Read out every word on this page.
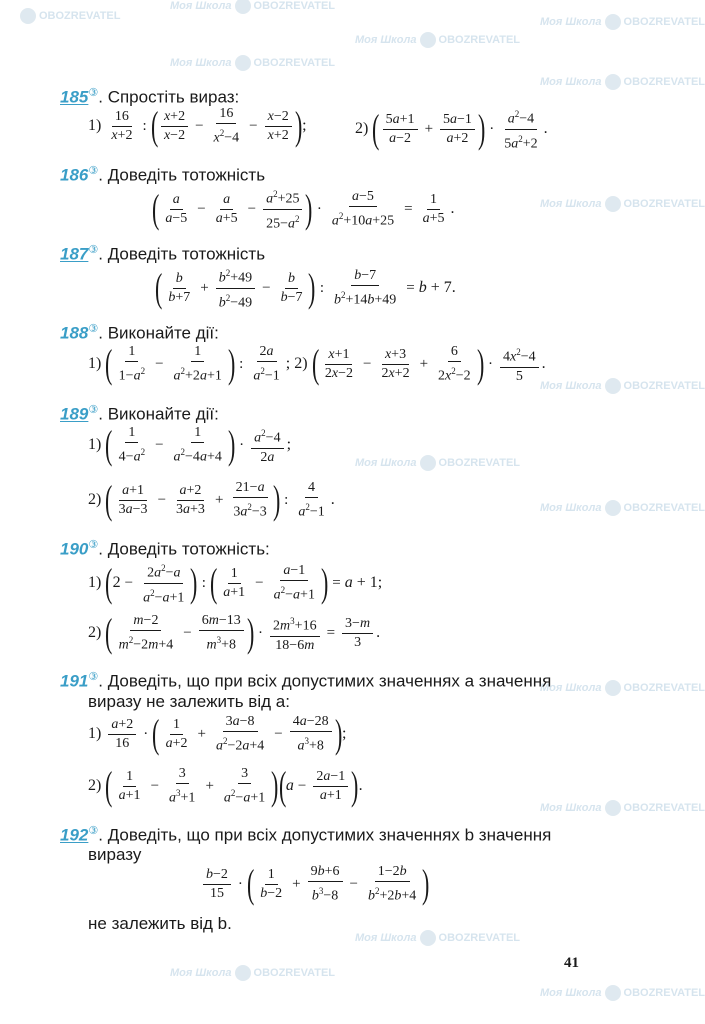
Моя Школа OBOZREVATEL
OBOZREVATEL	Моя Школа OBOZREVATEL
Моя Школа OBOZREVATEL
Моя Школа OBOZREVATEL
Моя Школа OBOZREVATEL
Моя Школа OBOZREVATEL
Моя Школа OBOZREVATEL
Моя Школа OBOZREVATEL
Моя Школа OBOZREVATEL
Моя Школа OBOZREVATEL
Моя Школа OBOZREVATEL
Моя Школа OBOZREVATEL
Моя Школа OBOZREVATEL
Моя Школа OBOZREVATEL
185③. Спростіть вираз:
$1) \frac{16}{x+2}$ : ( $\frac{x+2}{x-2} - \frac{16}{x^2-4} - \frac{x-2}{x+2}$ ) ;	2) ( $\frac{5a+1}{a-2} + \frac{5a-1}{a+2}$ ) · $\frac{a^2-4}{5a^2+2}$ .
186③. Доведіть тотожність
( $\frac{a}{a-5} - \frac{a}{a+5} - \frac{a^2+25}{25-a^2}$ ) · $\frac{a-5}{a^2+10a+25} = \frac{1}{a+5}$ .
187③. Доведіть тотожність
( $\frac{b}{b+7} + \frac{b^2+49}{b^2-49} - \frac{b}{b-7}$ ) : $\frac{b-7}{b^2+14b+49} = b + 7$.
188③. Виконайте дії:
1) ( $\frac{1}{1-a^2} - \frac{1}{a^2+2a+1}$ ) : $\frac{2a}{a^2-1}$ ; 2) ( $\frac{x+1}{2x-2} - \frac{x+3}{2x+2} + \frac{6}{2x^2-2}$ ) · $\frac{4x^2-4}{5}$ .
189③. Виконайте дії:
1) ( $\frac{1}{4-a^2} - \frac{1}{a^2-4a+4}$ ) · $\frac{a^2-4}{2a}$ ;
2) ( $\frac{a+1}{3a-3} - \frac{a+2}{3a+3} + \frac{21-a}{3a^2-3}$ ) : $\frac{4}{a^2-1}$ .
190③. Доведіть тотожність:
1) ( $2 - \frac{2a^2-a}{a^2-a+1}$ ) : ( $\frac{1}{a+1} - \frac{a-1}{a^2-a+1}$ ) = a + 1;
2) ( $\frac{m-2}{m^2-2m+4} - \frac{6m-13}{m^3+8}$ ) · $\frac{2m^3+16}{18-6m} = \frac{3-m}{3}$ .
191③. Доведіть, що при всіх допустимих значеннях a значення
виразу не залежить від a:
$1) \frac{a+2}{16}$ · ( $\frac{1}{a+2} + \frac{3a-8}{a^2-2a+4} - \frac{4a-28}{a^3+8}$ ) ;
2) ( $\frac{1}{a+1} - \frac{3}{a^3+1} + \frac{3}{a^2-a+1}$ ) ( $a - \frac{2a-1}{a+1}$ ) .
192③. Доведіть, що при всіх допустимих значеннях b значення
виразу
$\frac{b-2}{15}$ · ( $\frac{1}{b-2} + \frac{9b+6}{b^3-8} - \frac{1-2b}{b^2+2b+4}$ )
не залежить від b.
41
